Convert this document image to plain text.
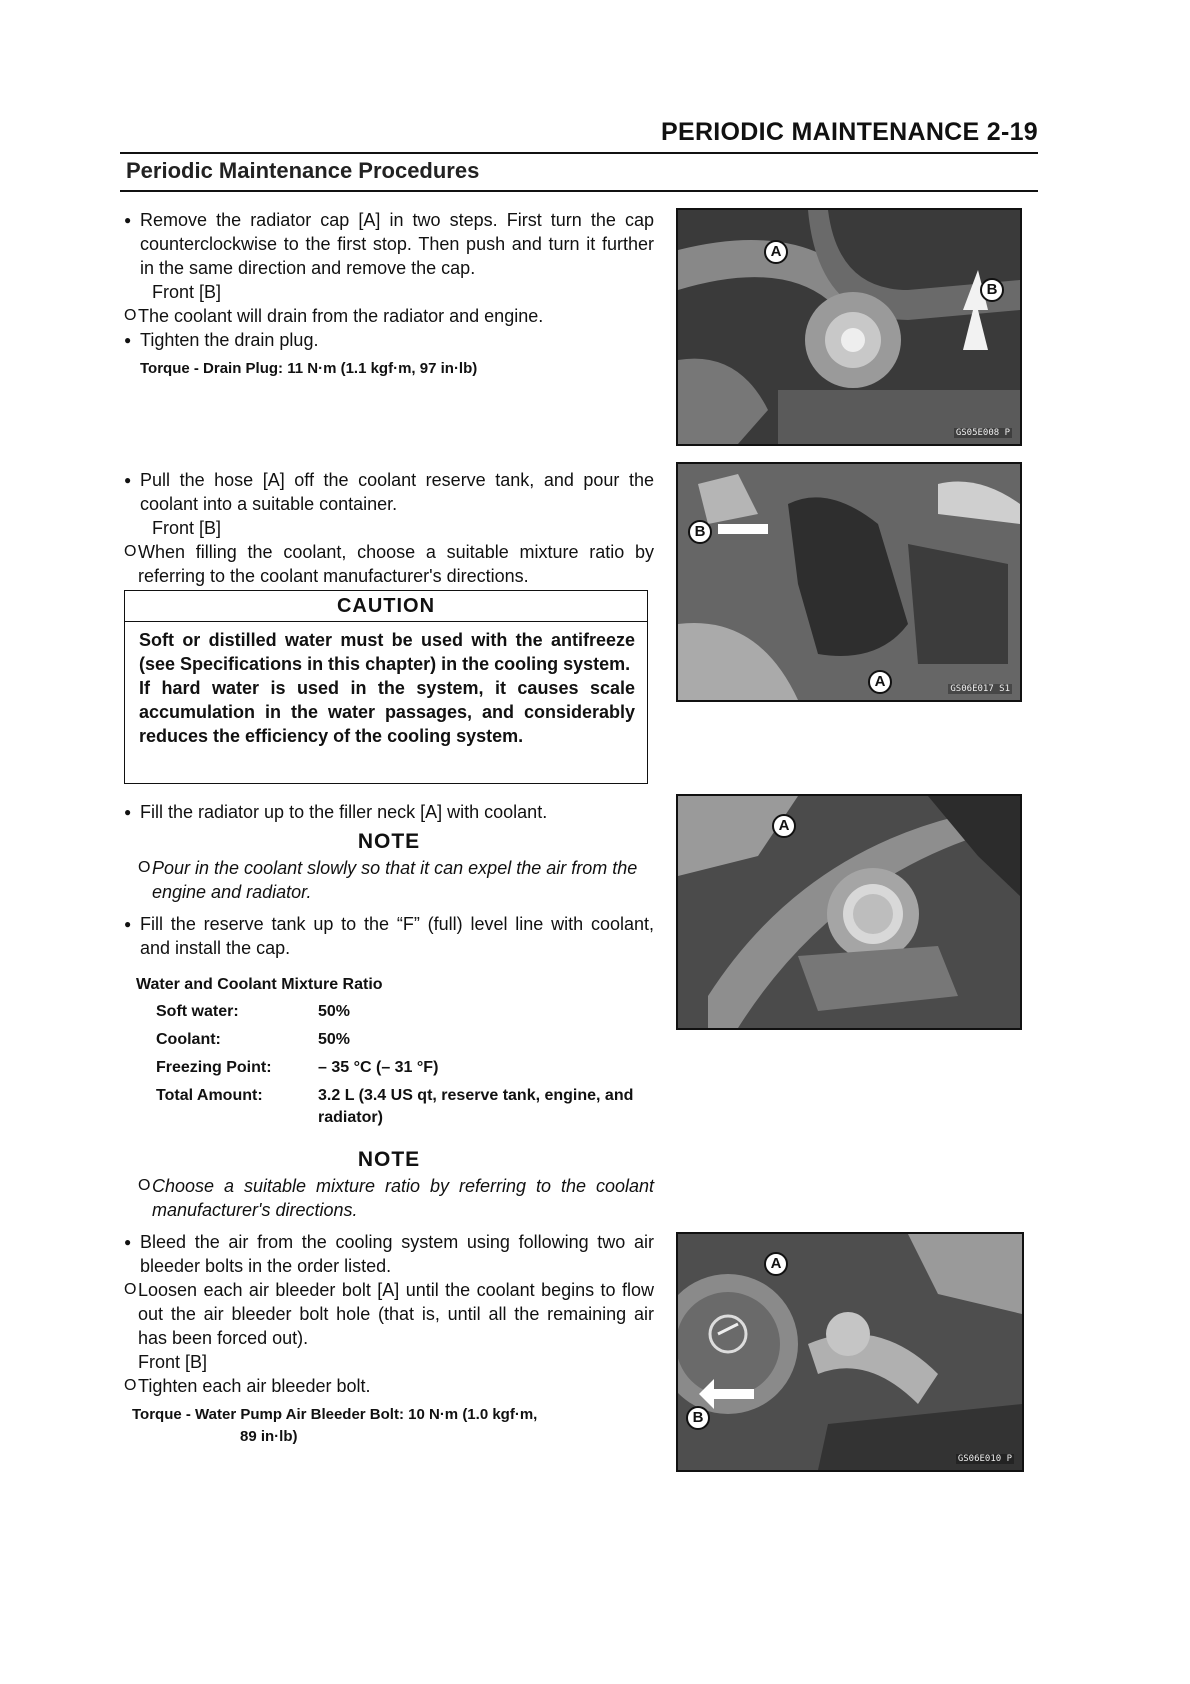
PERIODIC MAINTENANCE 2-19
Periodic Maintenance Procedures
● Remove the radiator cap [A] in two steps. First turn the cap counterclockwise to the first stop. Then push and turn it further in the same direction and remove the cap.
Front [B]
O The coolant will drain from the radiator and engine.
● Tighten the drain plug.
Torque - Drain Plug: 11 N·m (1.1 kgf·m, 97 in·lb)
A
B
GS05E008 P
● Pull the hose [A] off the coolant reserve tank, and pour the coolant into a suitable container.
Front [B]
O When filling the coolant, choose a suitable mixture ratio by referring to the coolant manufacturer's directions.
CAUTION
Soft or distilled water must be used with the antifreeze (see Specifications in this chapter) in the cooling system.
If hard water is used in the system, it causes scale accumulation in the water passages, and considerably reduces the efficiency of the cooling system.
B
A	GS06E017 S1
● Fill the radiator up to the filler neck [A] with coolant.
NOTE
O Pour in the coolant slowly so that it can expel the air from the engine and radiator.
● Fill the reserve tank up to the “F” (full) level line with coolant, and install the cap.
Water and Coolant Mixture Ratio
Soft water:	50%
Coolant:	50%
Freezing Point:	– 35 °C (– 31 °F)
Total Amount:	3.2 L (3.4 US qt, reserve tank, engine, and radiator)
A
NOTE
O Choose a suitable mixture ratio by referring to the coolant manufacturer's directions.
● Bleed the air from the cooling system using following two air bleeder bolts in the order listed.
O Loosen each air bleeder bolt [A] until the coolant begins to flow out the air bleeder bolt hole (that is, until all the remaining air has been forced out).
Front [B]
O Tighten each air bleeder bolt.
Torque - Water Pump Air Bleeder Bolt: 10 N·m (1.0 kgf·m,
89 in·lb)
A
B
GS06E010 P
